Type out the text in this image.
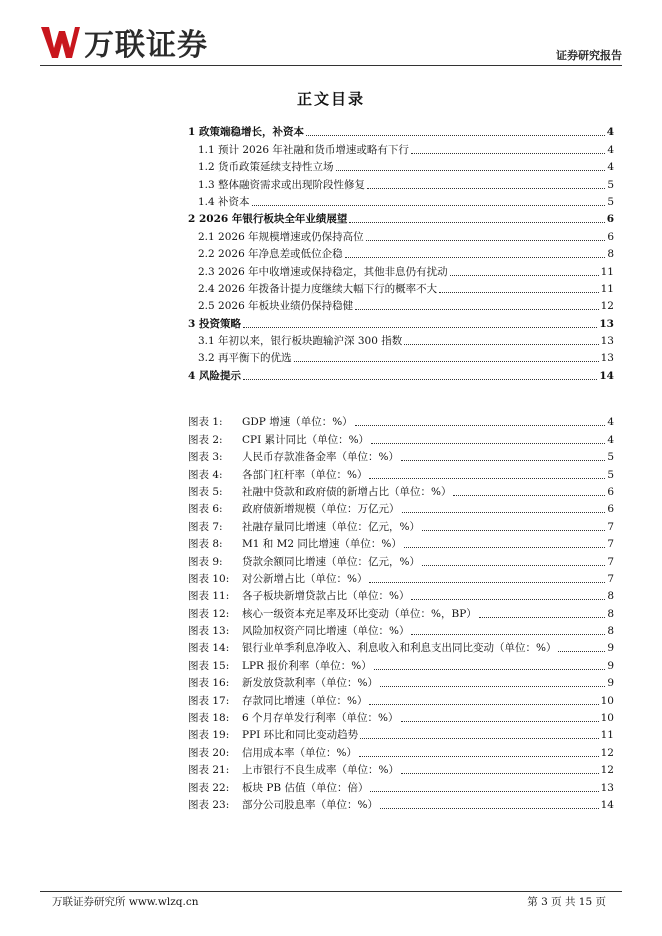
万联证券	证券研究报告
正文目录
1 政策端稳增长，补资本	4
1.1 预计 2026 年社融和货币增速或略有下行	4
1.2 货币政策延续支持性立场	4
1.3 整体融资需求或出现阶段性修复	5
1.4 补资本	5
2 2026 年银行板块全年业绩展望	6
2.1 2026 年规模增速或仍保持高位	6
2.2 2026 年净息差或低位企稳	8
2.3 2026 年中收增速或保持稳定，其他非息仍有扰动	11
2.4 2026 年拨备计提力度继续大幅下行的概率不大	11
2.5 2026 年板块业绩仍保持稳健	12
3 投资策略	13
3.1 年初以来，银行板块跑输沪深 300 指数	13
3.2 再平衡下的优选	13
4 风险提示	14
图表 1: GDP 增速（单位：%）	4
图表 2: CPI 累计同比（单位：%）	4
图表 3: 人民币存款准备金率（单位：%）	5
图表 4: 各部门杠杆率（单位：%）	5
图表 5: 社融中贷款和政府债的新增占比（单位：%）	6
图表 6: 政府债新增规模（单位：万亿元）	6
图表 7: 社融存量同比增速（单位：亿元，%）	7
图表 8: M1 和 M2 同比增速（单位：%）	7
图表 9: 贷款余额同比增速（单位：亿元，%）	7
图表 10: 对公新增占比（单位：%）	7
图表 11: 各子板块新增贷款占比（单位：%）	8
图表 12: 核心一级资本充足率及环比变动（单位：%，BP）	8
图表 13: 风险加权资产同比增速（单位：%）	8
图表 14: 银行业单季利息净收入、利息收入和利息支出同比变动（单位：%）	9
图表 15: LPR 报价利率（单位：%）	9
图表 16: 新发放贷款利率（单位：%）	9
图表 17: 存款同比增速（单位：%）	10
图表 18: 6 个月存单发行利率（单位：%）	10
图表 19: PPI 环比和同比变动趋势	11
图表 20: 信用成本率（单位：%）	12
图表 21: 上市银行不良生成率（单位：%）	12
图表 22: 板块 PB 估值（单位：倍）	13
图表 23: 部分公司股息率（单位：%）	14
万联证券研究所 www.wlzq.cn	第 3 页 共 15 页
